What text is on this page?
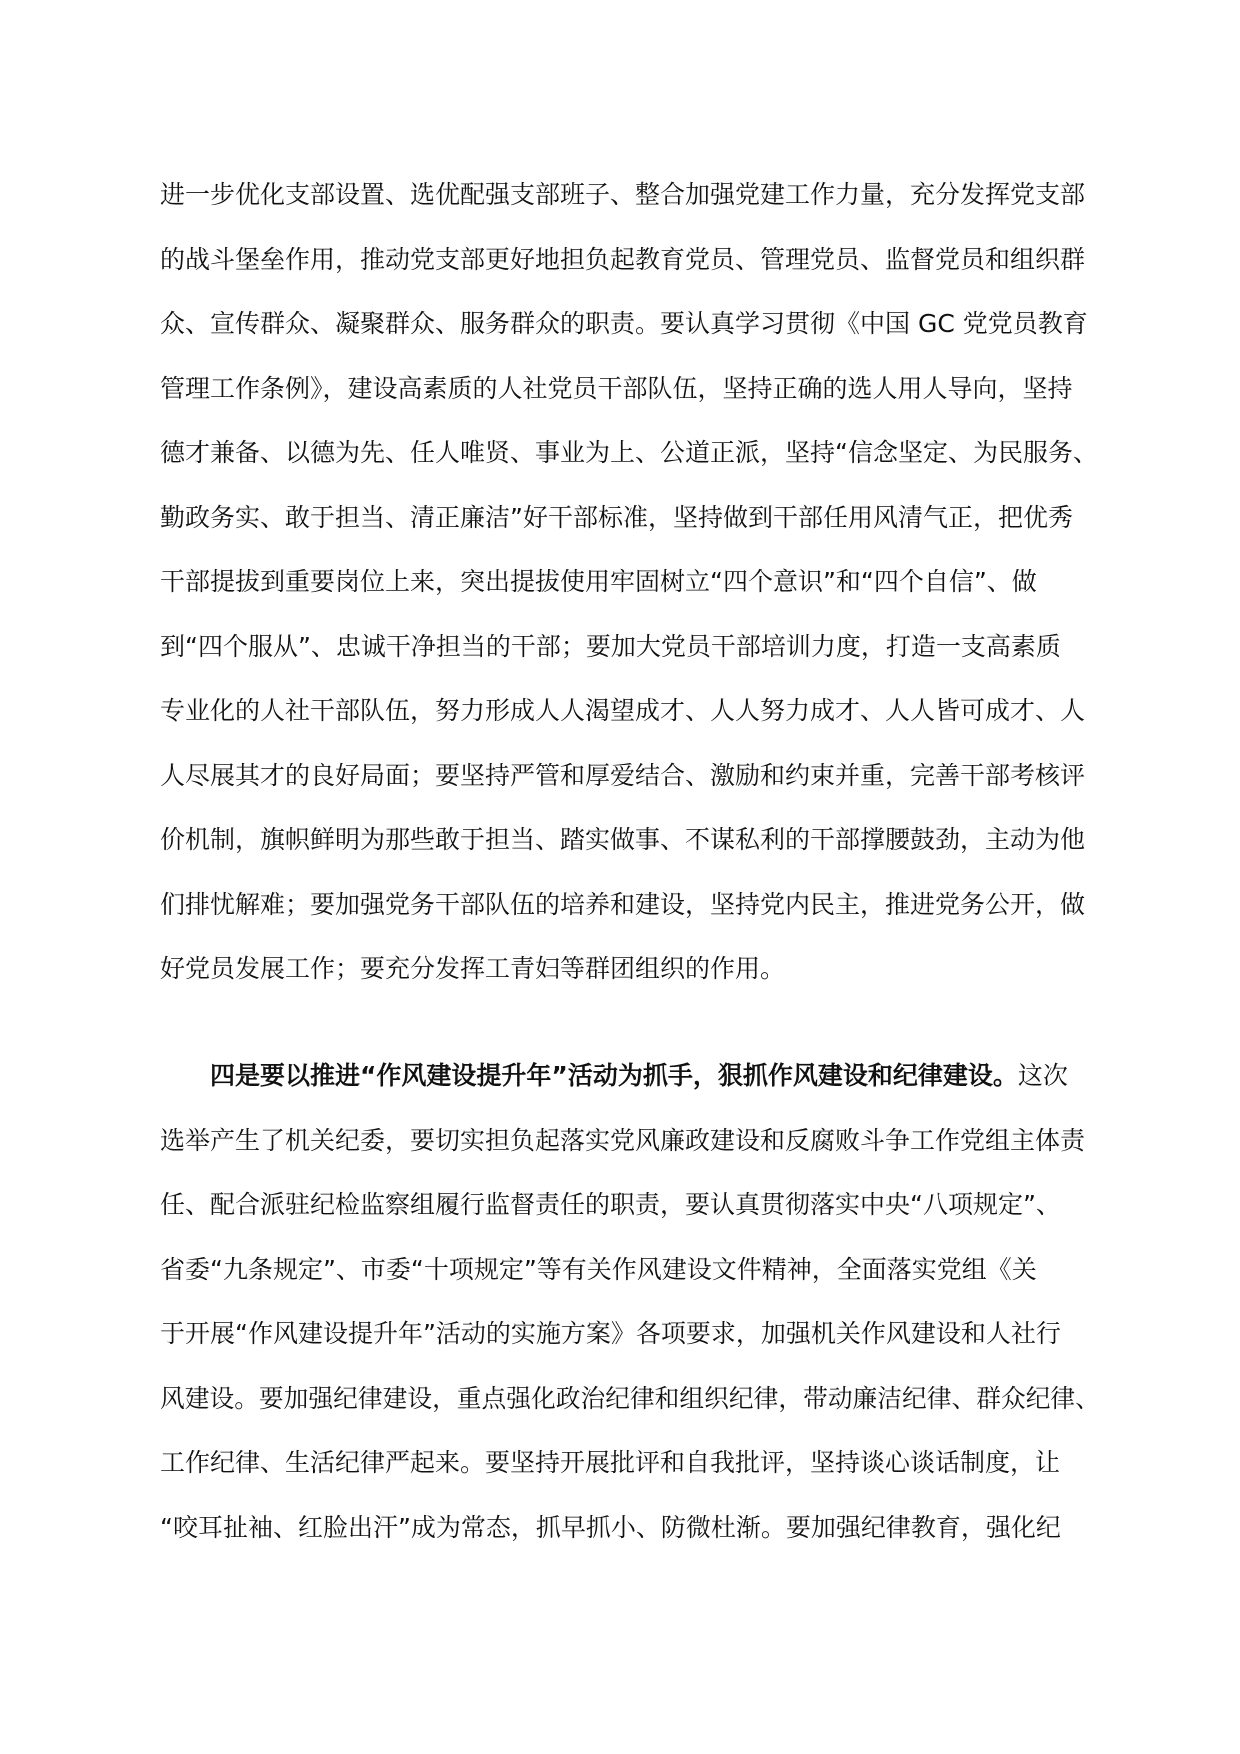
进一步优化支部设置、选优配强支部班子、整合加强党建工作力量，充分发挥党支部
的战斗堡垒作用，推动党支部更好地担负起教育党员、管理党员、监督党员和组织群
众、宣传群众、凝聚群众、服务群众的职责。要认真学习贯彻《中国 GC 党党员教育
管理工作条例》，建设高素质的人社党员干部队伍，坚持正确的选人用人导向，坚持
德才兼备、以德为先、任人唯贤、事业为上、公道正派，坚持“信念坚定、为民服务、
勤政务实、敢于担当、清正廉洁”好干部标准，坚持做到干部任用风清气正，把优秀
干部提拔到重要岗位上来，突出提拔使用牢固树立“四个意识”和“四个自信”、做
到“四个服从”、忠诚干净担当的干部；要加大党员干部培训力度，打造一支高素质
专业化的人社干部队伍，努力形成人人渴望成才、人人努力成才、人人皆可成才、人
人尽展其才的良好局面；要坚持严管和厚爱结合、激励和约束并重，完善干部考核评
价机制，旗帜鲜明为那些敢于担当、踏实做事、不谋私利的干部撑腰鼓劲，主动为他
们排忧解难；要加强党务干部队伍的培养和建设，坚持党内民主，推进党务公开，做
好党员发展工作；要充分发挥工青妇等群团组织的作用。
四是要以推进“作风建设提升年”活动为抓手，狠抓作风建设和纪律建设。这次
选举产生了机关纪委，要切实担负起落实党风廉政建设和反腐败斗争工作党组主体责
任、配合派驻纪检监察组履行监督责任的职责，要认真贯彻落实中央“八项规定”、
省委“九条规定”、市委“十项规定”等有关作风建设文件精神，全面落实党组《关
于开展“作风建设提升年”活动的实施方案》各项要求，加强机关作风建设和人社行
风建设。要加强纪律建设，重点强化政治纪律和组织纪律，带动廉洁纪律、群众纪律、
工作纪律、生活纪律严起来。要坚持开展批评和自我批评，坚持谈心谈话制度，让
“咬耳扯袖、红脸出汗”成为常态，抓早抓小、防微杜渐。要加强纪律教育，强化纪
